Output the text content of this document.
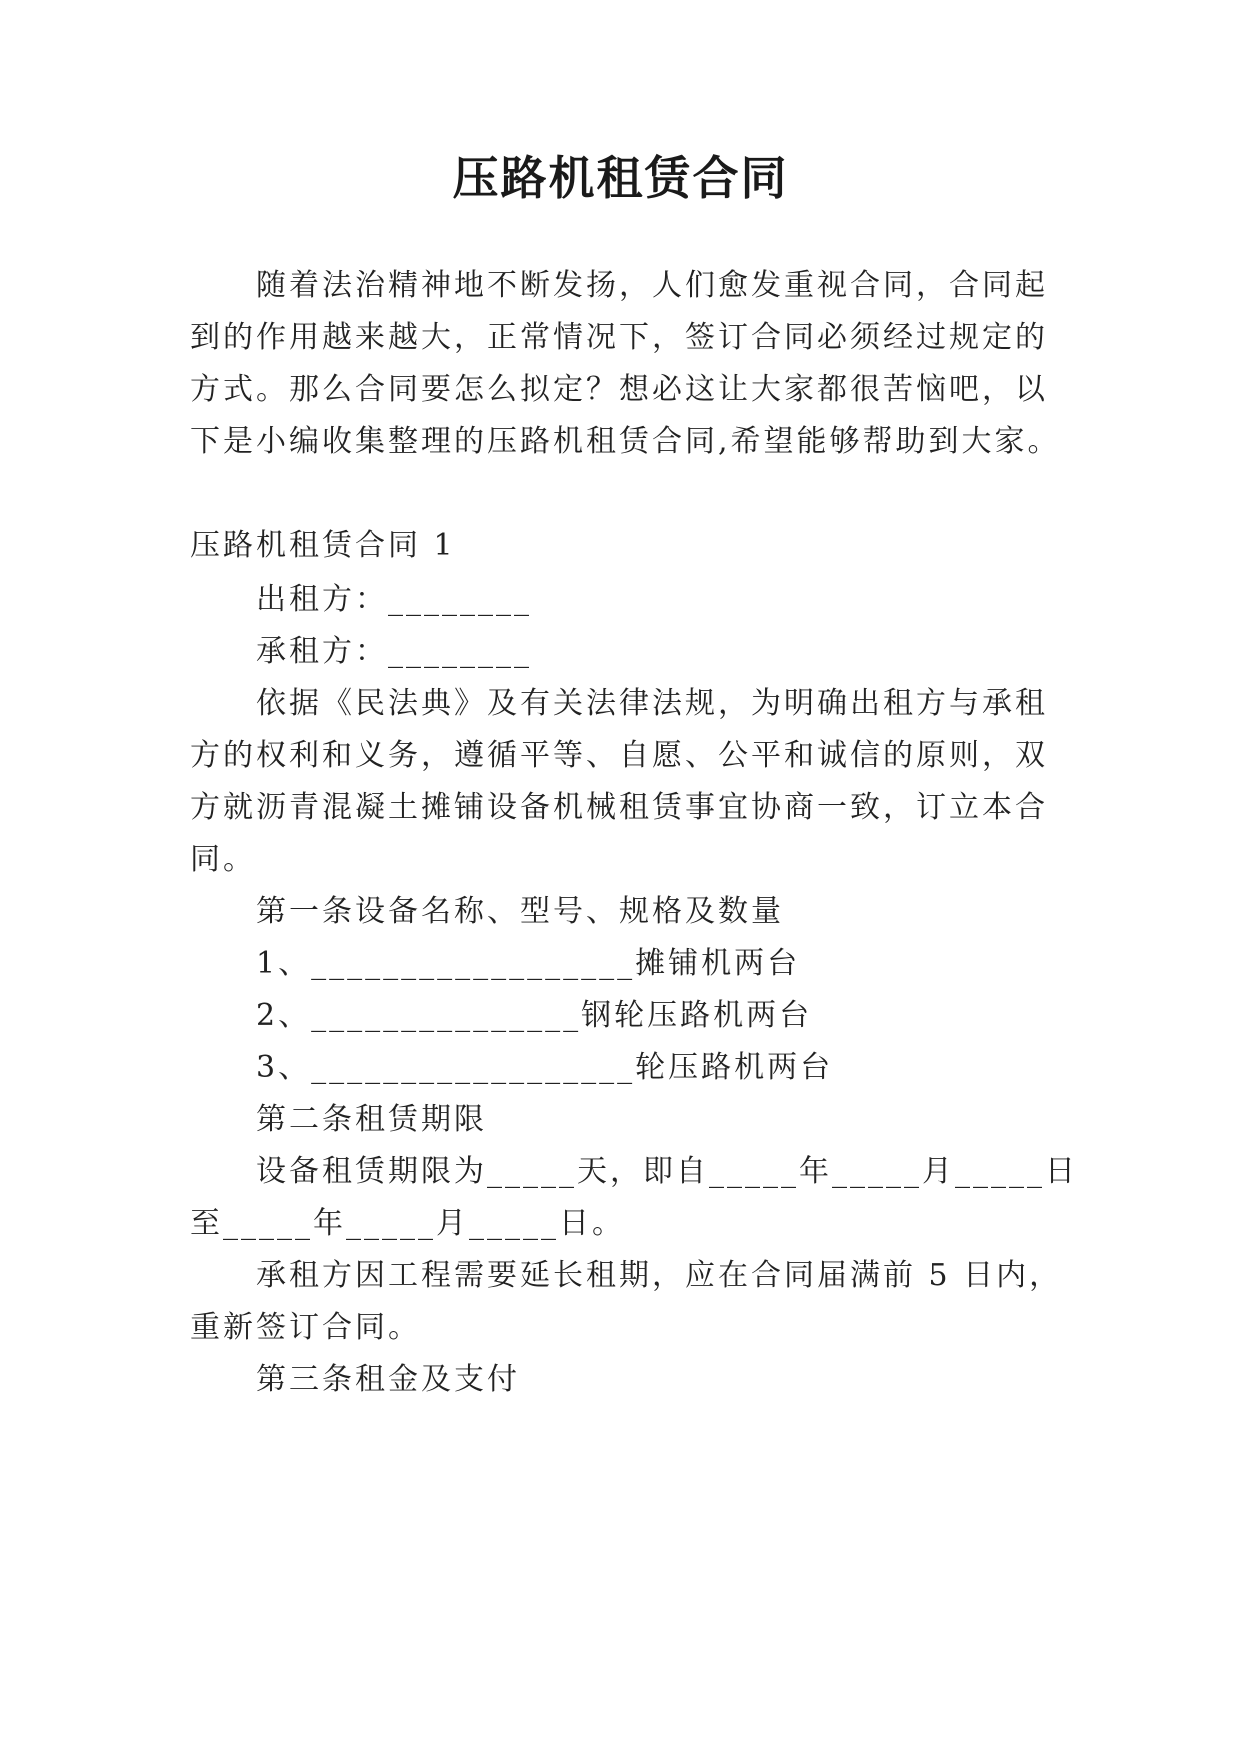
压路机租赁合同
随着法治精神地不断发扬，人们愈发重视合同，合同起
到的作用越来越大，正常情况下，签订合同必须经过规定的
方式。那么合同要怎么拟定？想必这让大家都很苦恼吧，以
下是小编收集整理的压路机租赁合同,希望能够帮助到大家。
压路机租赁合同 1
出租方：________
承租方：________
依据《民法典》及有关法律法规，为明确出租方与承租
方的权利和义务，遵循平等、自愿、公平和诚信的原则，双
方就沥青混凝土摊铺设备机械租赁事宜协商一致，订立本合
同。
第一条设备名称、型号、规格及数量
1、__________________摊铺机两台
2、_______________钢轮压路机两台
3、__________________轮压路机两台
第二条租赁期限
设备租赁期限为_____天，即自_____年_____月_____日
至_____年_____月_____日。
承租方因工程需要延长租期，应在合同届满前 5 日内，
重新签订合同。
第三条租金及支付
